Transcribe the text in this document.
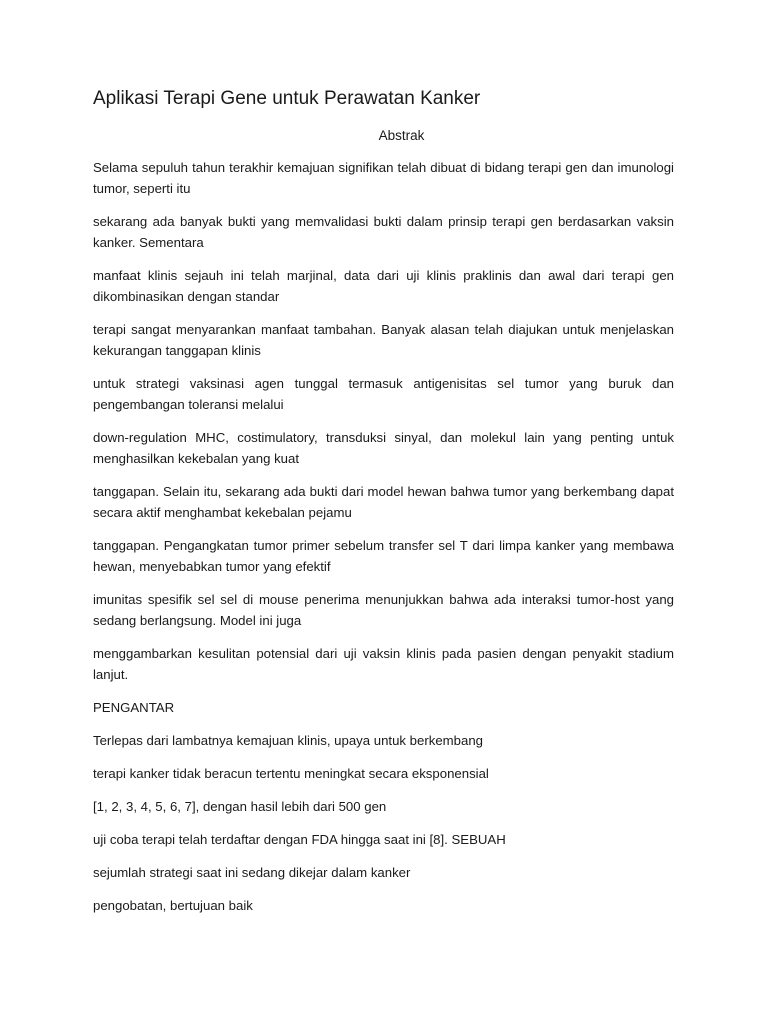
Aplikasi Terapi Gene untuk Perawatan Kanker
Abstrak

Selama sepuluh tahun terakhir kemajuan signifikan telah dibuat di bidang terapi gen dan imunologi tumor, seperti itu

sekarang ada banyak bukti yang memvalidasi bukti dalam prinsip terapi gen berdasarkan vaksin kanker. Sementara

manfaat klinis sejauh ini telah marjinal, data dari uji klinis praklinis dan awal dari terapi gen dikombinasikan dengan standar

terapi sangat menyarankan manfaat tambahan. Banyak alasan telah diajukan untuk menjelaskan kekurangan tanggapan klinis

untuk strategi vaksinasi agen tunggal termasuk antigenisitas sel tumor yang buruk dan pengembangan toleransi melalui

down-regulation MHC, costimulatory, transduksi sinyal, dan molekul lain yang penting untuk menghasilkan kekebalan yang kuat

tanggapan. Selain itu, sekarang ada bukti dari model hewan bahwa tumor yang berkembang dapat secara aktif menghambat kekebalan pejamu

tanggapan. Pengangkatan tumor primer sebelum transfer sel T dari limpa kanker yang membawa hewan, menyebabkan tumor yang efektif

imunitas spesifik sel sel di mouse penerima menunjukkan bahwa ada interaksi tumor-host yang sedang berlangsung. Model ini juga

menggambarkan kesulitan potensial dari uji vaksin klinis pada pasien dengan penyakit stadium lanjut.

PENGANTAR

Terlepas dari lambatnya kemajuan klinis, upaya untuk berkembang

terapi kanker tidak beracun tertentu meningkat secara eksponensial

[1, 2, 3, 4, 5, 6, 7], dengan hasil lebih dari 500 gen

uji coba terapi telah terdaftar dengan FDA hingga saat ini [8]. SEBUAH

sejumlah strategi saat ini sedang dikejar dalam kanker

pengobatan, bertujuan baik
